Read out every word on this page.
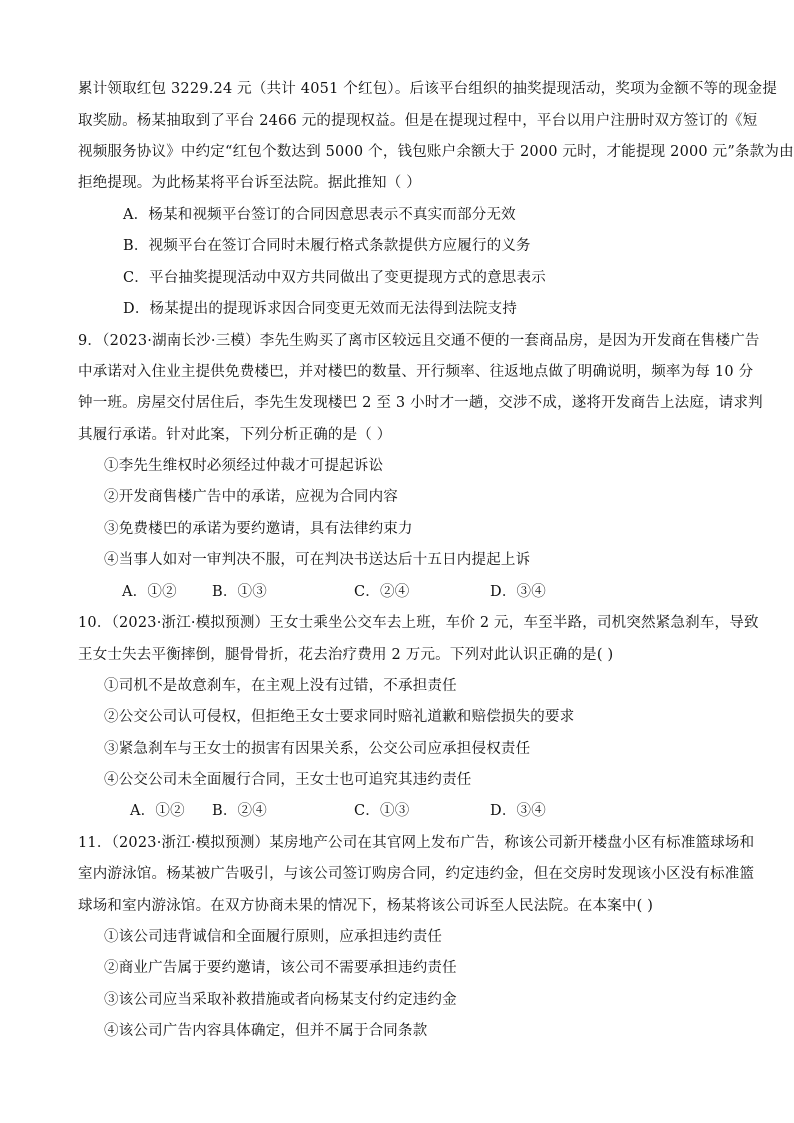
累计领取红包 3229.24 元（共计 4051 个红包）。后该平台组织的抽奖提现活动，奖项为金额不等的现金提
取奖励。杨某抽取到了平台 2466 元的提现权益。但是在提现过程中，平台以用户注册时双方签订的《短
视频服务协议》中约定“红包个数达到 5000 个，钱包账户余额大于 2000 元时，才能提现 2000 元”条款为由
拒绝提现。为此杨某将平台诉至法院。据此推知（ ）
A．杨某和视频平台签订的合同因意思表示不真实而部分无效
B．视频平台在签订合同时未履行格式条款提供方应履行的义务
C．平台抽奖提现活动中双方共同做出了变更提现方式的意思表示
D．杨某提出的提现诉求因合同变更无效而无法得到法院支持
9．（2023·湖南长沙·三模）李先生购买了离市区较远且交通不便的一套商品房，是因为开发商在售楼广告
中承诺对入住业主提供免费楼巴，并对楼巴的数量、开行频率、往返地点做了明确说明，频率为每 10 分
钟一班。房屋交付居住后，李先生发现楼巴 2 至 3 小时才一趟，交涉不成，遂将开发商告上法庭，请求判
其履行承诺。针对此案，下列分析正确的是（ ）
①李先生维权时必须经过仲裁才可提起诉讼
②开发商售楼广告中的承诺，应视为合同内容
③免费楼巴的承诺为要约邀请，具有法律约束力
④当事人如对一审判决不服，可在判决书送达后十五日内提起上诉
A．①② B．①③	C．②④	D．③④
10．（2023·浙江·模拟预测）王女士乘坐公交车去上班，车价 2 元，车至半路，司机突然紧急刹车，导致
王女士失去平衡摔倒，腿骨骨折，花去治疗费用 2 万元。下列对此认识正确的是( )
①司机不是故意刹车，在主观上没有过错，不承担责任
②公交公司认可侵权，但拒绝王女士要求同时赔礼道歉和赔偿损失的要求
③紧急刹车与王女士的损害有因果关系，公交公司应承担侵权责任
④公交公司未全面履行合同，王女士也可追究其违约责任
A．①② B．②④	C．①③	D．③④
11．（2023·浙江·模拟预测）某房地产公司在其官网上发布广告，称该公司新开楼盘小区有标准篮球场和
室内游泳馆。杨某被广告吸引，与该公司签订购房合同，约定违约金，但在交房时发现该小区没有标准篮
球场和室内游泳馆。在双方协商未果的情况下，杨某将该公司诉至人民法院。在本案中( )
①该公司违背诚信和全面履行原则，应承担违约责任
②商业广告属于要约邀请，该公司不需要承担违约责任
③该公司应当采取补救措施或者向杨某支付约定违约金
④该公司广告内容具体确定，但并不属于合同条款
